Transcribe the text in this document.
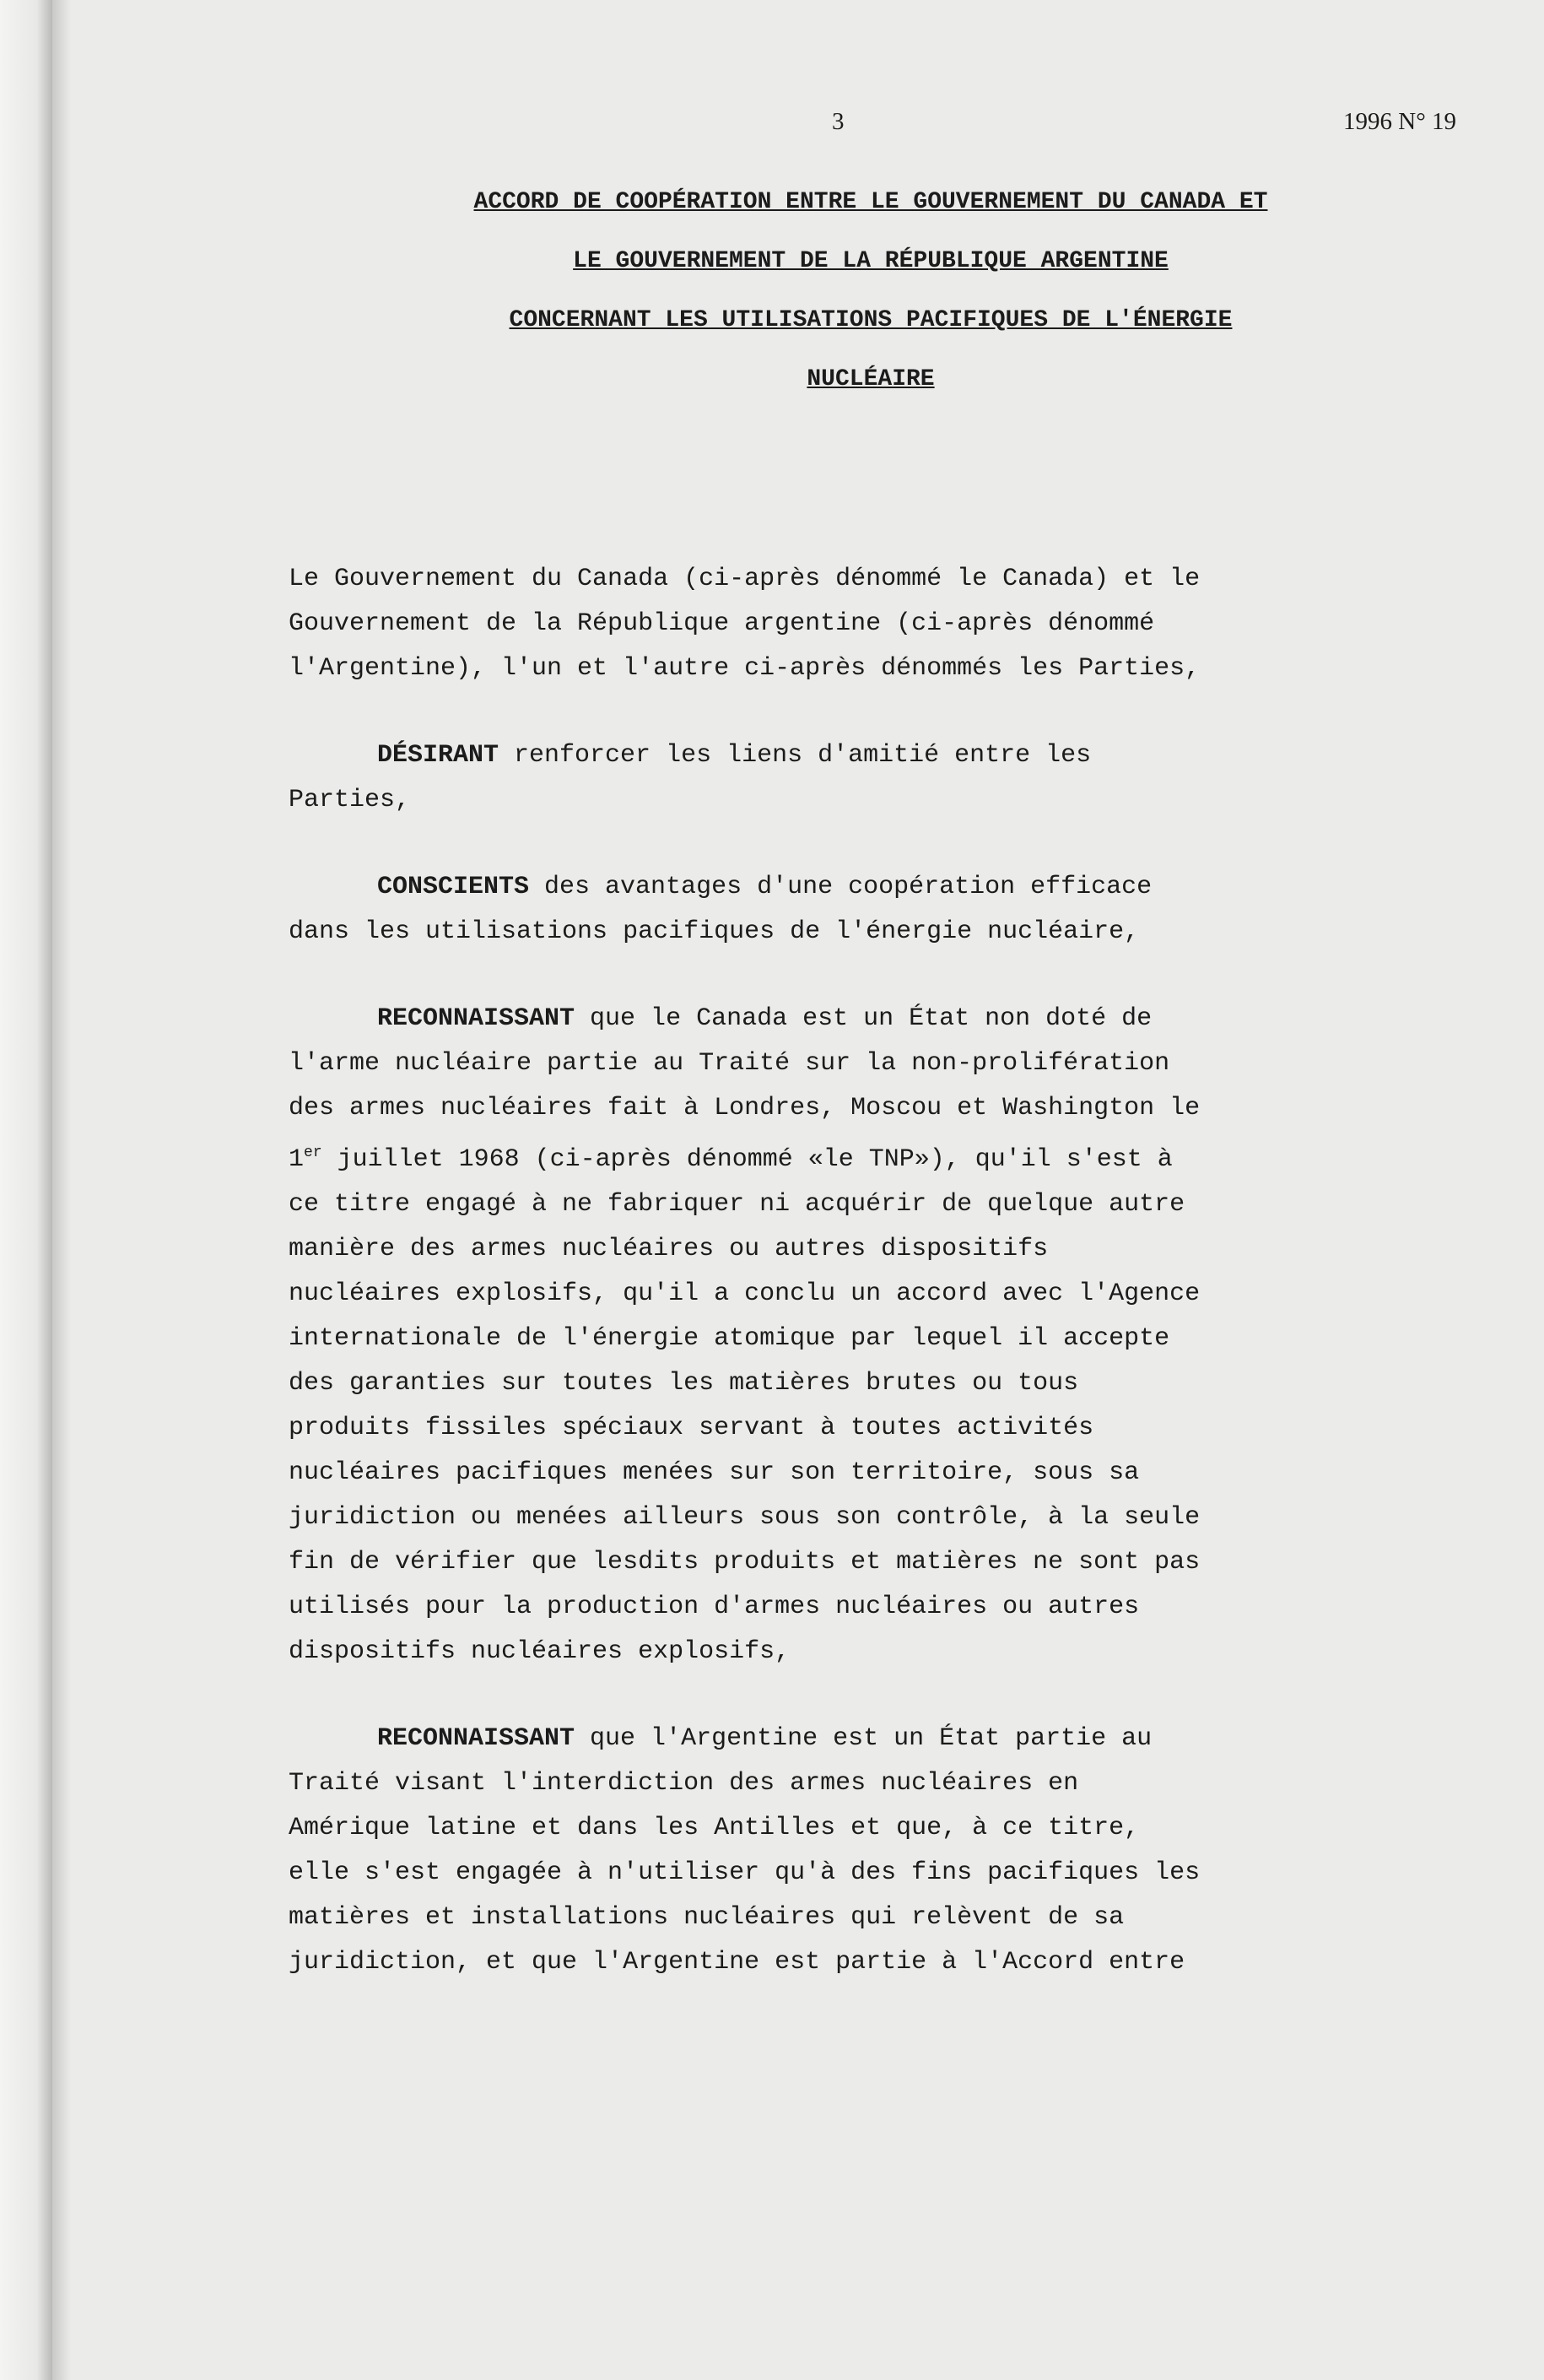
3	1996 N° 19
ACCORD DE COOPÉRATION ENTRE LE GOUVERNEMENT DU CANADA ET
LE GOUVERNEMENT DE LA RÉPUBLIQUE ARGENTINE
CONCERNANT LES UTILISATIONS PACIFIQUES DE L'ÉNERGIE
NUCLÉAIRE
Le Gouvernement du Canada (ci-après dénommé le Canada) et le
Gouvernement de la République argentine (ci-après dénommé
l'Argentine), l'un et l'autre ci-après dénommés les Parties,
DÉSIRANT renforcer les liens d'amitié entre les
Parties,
CONSCIENTS des avantages d'une coopération efficace
dans les utilisations pacifiques de l'énergie nucléaire,
RECONNAISSANT que le Canada est un État non doté de
l'arme nucléaire partie au Traité sur la non-prolifération
des armes nucléaires fait à Londres, Moscou et Washington le
1er juillet 1968 (ci-après dénommé «le TNP»), qu'il s'est à
ce titre engagé à ne fabriquer ni acquérir de quelque autre
manière des armes nucléaires ou autres dispositifs
nucléaires explosifs, qu'il a conclu un accord avec l'Agence
internationale de l'énergie atomique par lequel il accepte
des garanties sur toutes les matières brutes ou tous
produits fissiles spéciaux servant à toutes activités
nucléaires pacifiques menées sur son territoire, sous sa
juridiction ou menées ailleurs sous son contrôle, à la seule
fin de vérifier que lesdits produits et matières ne sont pas
utilisés pour la production d'armes nucléaires ou autres
dispositifs nucléaires explosifs,
RECONNAISSANT que l'Argentine est un État partie au
Traité visant l'interdiction des armes nucléaires en
Amérique latine et dans les Antilles et que, à ce titre,
elle s'est engagée à n'utiliser qu'à des fins pacifiques les
matières et installations nucléaires qui relèvent de sa
juridiction, et que l'Argentine est partie à l'Accord entre
